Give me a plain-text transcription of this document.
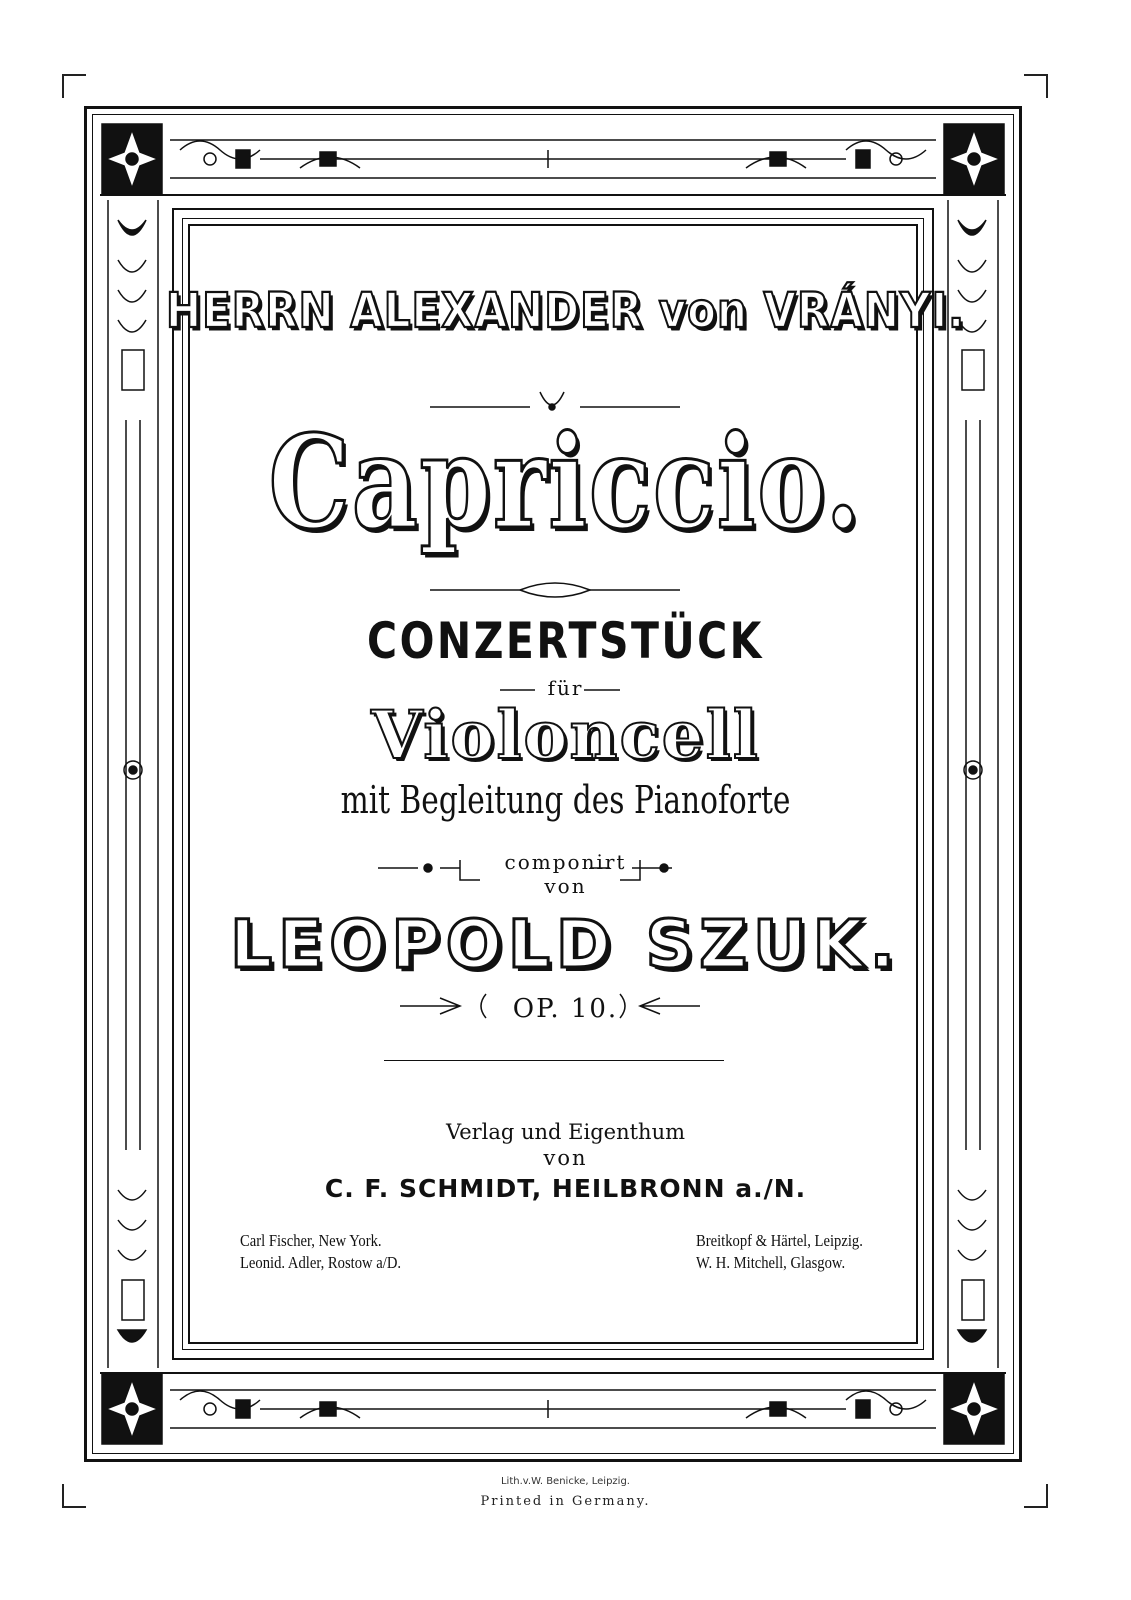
HERRN ALEXANDER von VRÁNYI.
Capriccio.
CONZERTSTÜCK
für
Violoncell
mit Begleitung des Pianoforte
componirt
von
LEOPOLD SZUK.
OP. 10.
Verlag und Eigenthum
von
C. F. SCHMIDT, HEILBRONN a./N.
Carl Fischer, New York.
Leonid. Adler, Rostow a/D.
Breitkopf & Härtel, Leipzig.
W. H. Mitchell, Glasgow.
Lith.v.W. Benicke, Leipzig.
Printed in Germany.
